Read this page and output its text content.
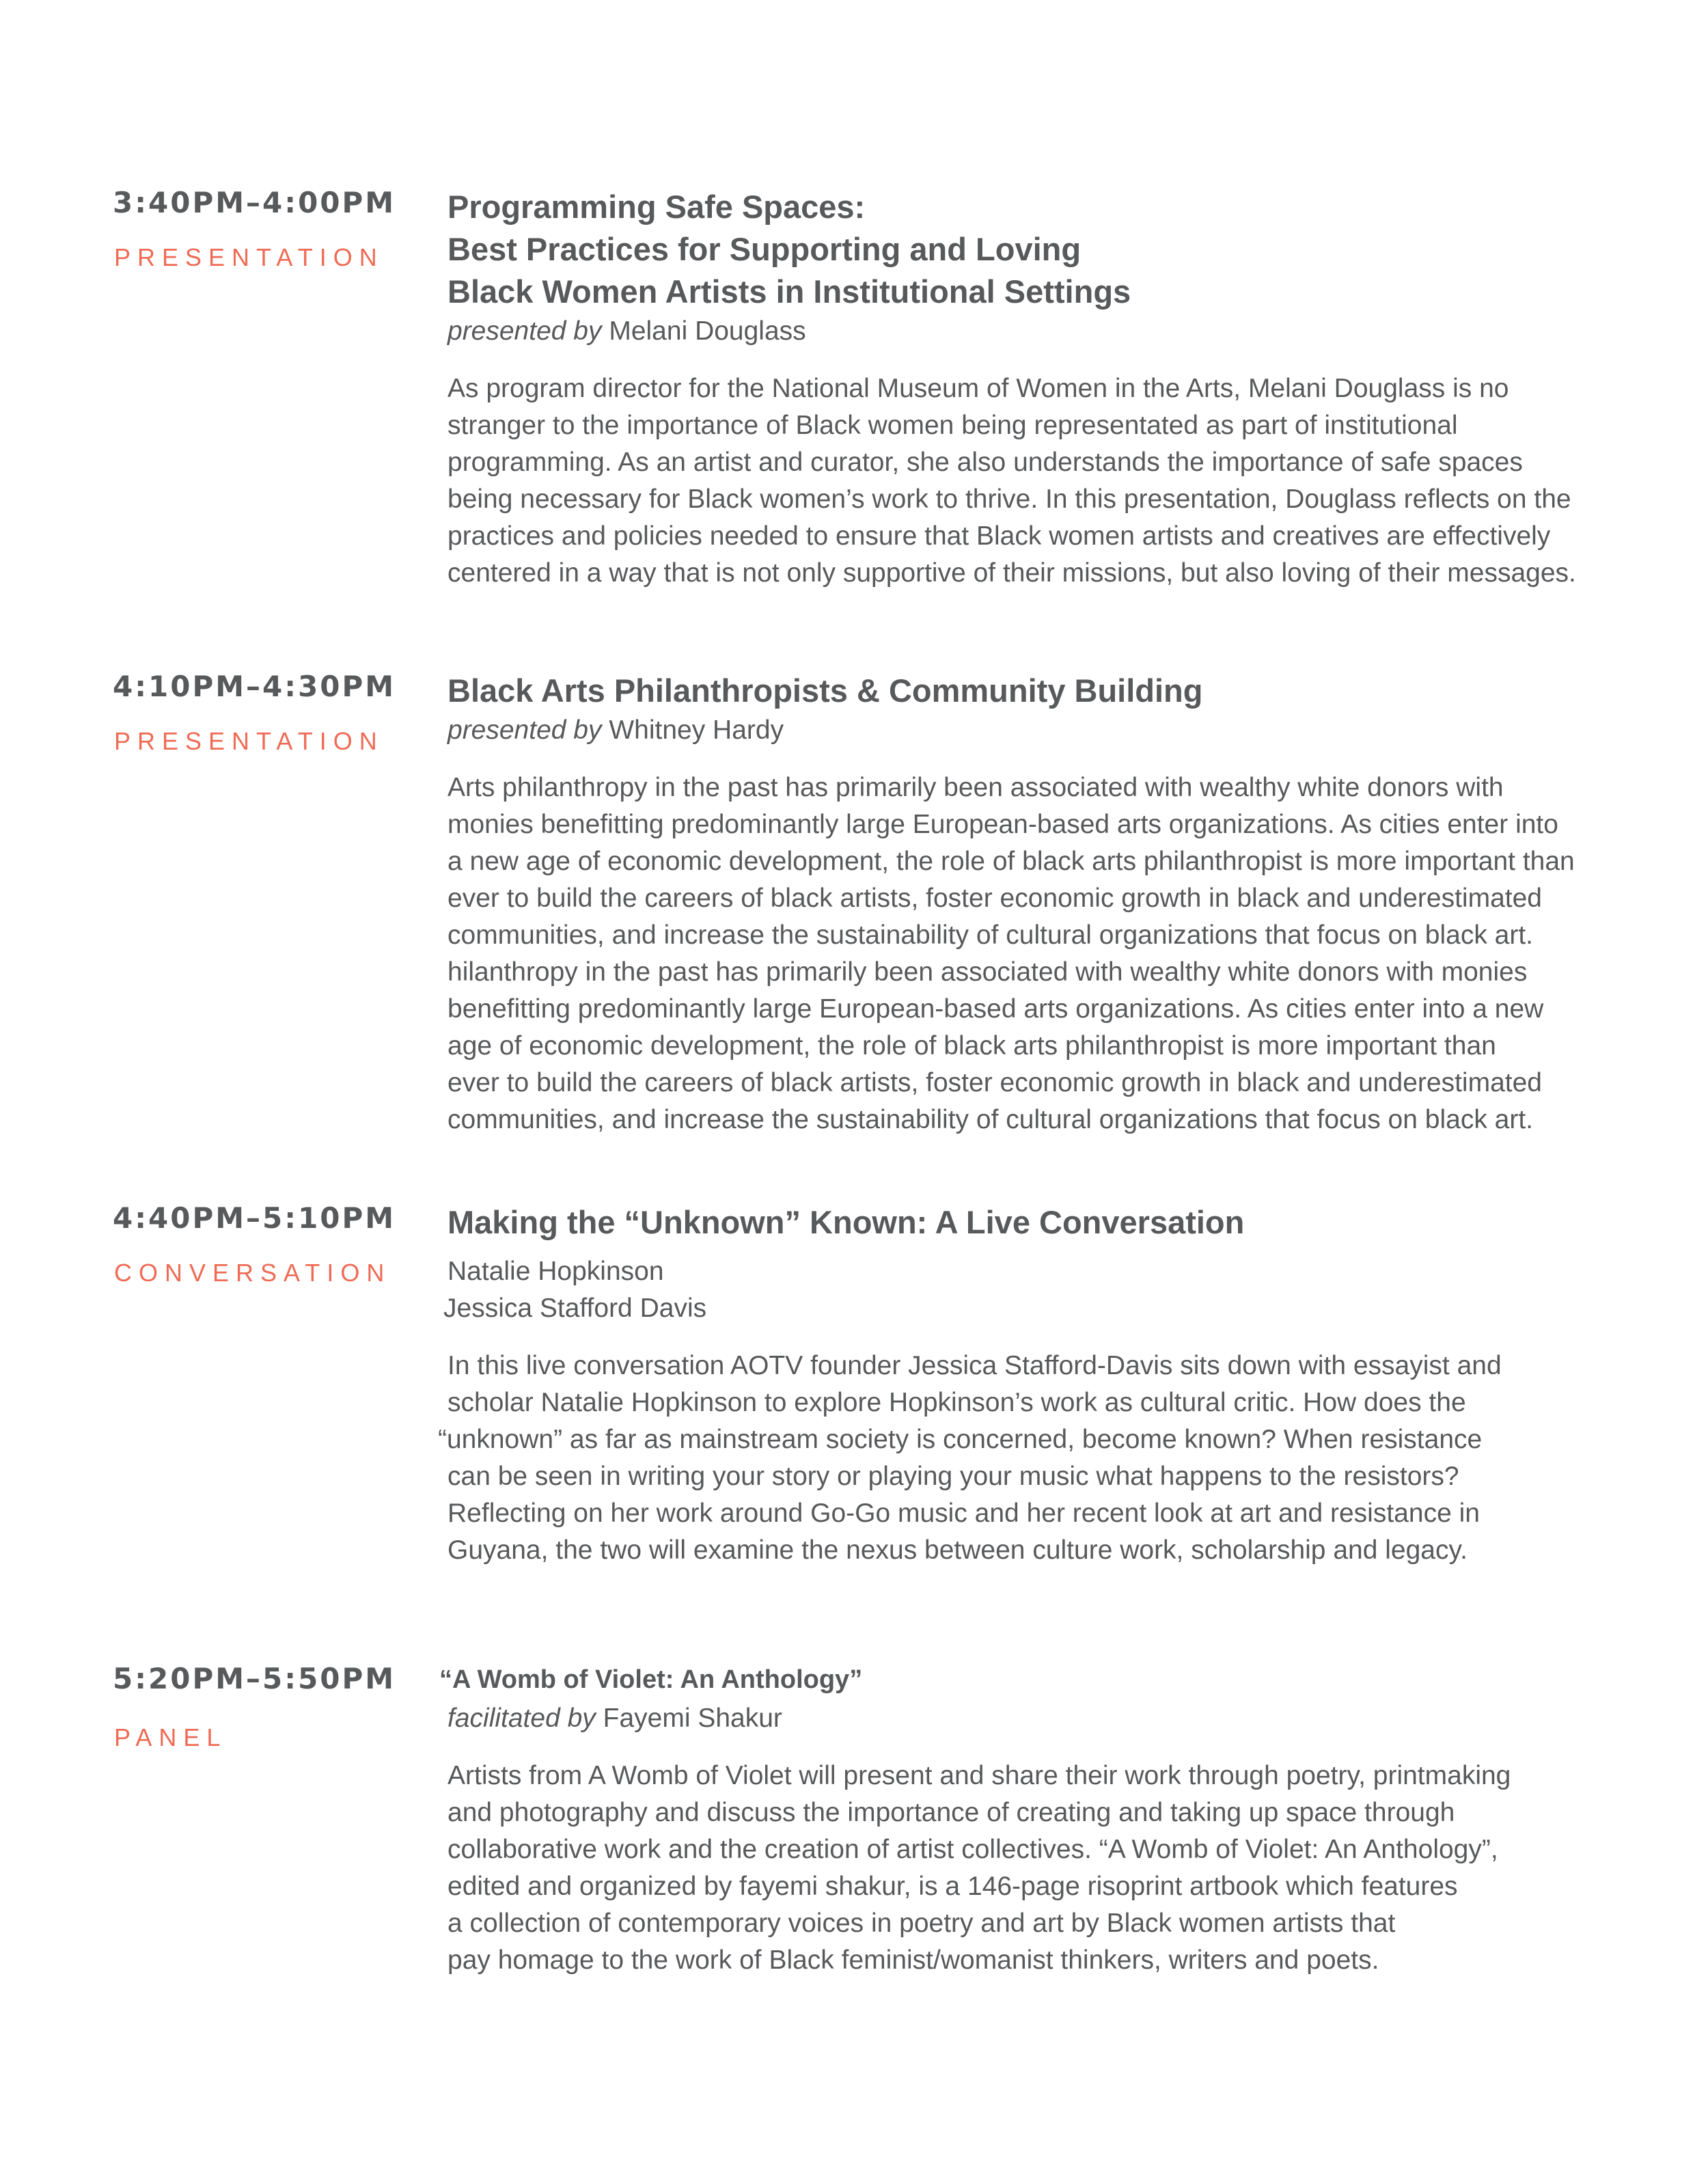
3:40PM–4:00PM
PRESENTATION

Programming Safe Spaces:

Best Practices for Supporting and Loving

Black Women Artists in Institutional Settings

presented by Melani Douglass

As program director for the National Museum of Women in the Arts, Melani Douglass is no
stranger to the importance of Black women being representated as part of institutional
programming. As an artist and curator, she also understands the importance of safe spaces
being necessary for Black women’s work to thrive. In this presentation, Douglass reflects on the
practices and policies needed to ensure that Black women artists and creatives are effectively
centered in a way that is not only supportive of their missions, but also loving of their messages.

4:10PM–4:30PM
PRESENTATION

Black Arts Philanthropists & Community Building

presented by Whitney Hardy

Arts philanthropy in the past has primarily been associated with wealthy white donors with
monies benefitting predominantly large European-based arts organizations. As cities enter into
a new age of economic development, the role of black arts philanthropist is more important than
ever to build the careers of black artists, foster economic growth in black and underestimated
communities, and increase the sustainability of cultural organizations that focus on black art.
hilanthropy in the past has primarily been associated with wealthy white donors with monies
benefitting predominantly large European-based arts organizations. As cities enter into a new
age of economic development, the role of black arts philanthropist is more important than
ever to build the careers of black artists, foster economic growth in black and underestimated
communities, and increase the sustainability of cultural organizations that focus on black art.

4:40PM–5:10PM
CONVERSATION

Making the “Unknown” Known: A Live Conversation

Natalie Hopkinson
Jessica Stafford Davis

In this live conversation AOTV founder Jessica Stafford-Davis sits down with essayist and
scholar Natalie Hopkinson to explore Hopkinson’s work as cultural critic. How does the
“unknown” as far as mainstream society is concerned, become known? When resistance
can be seen in writing your story or playing your music what happens to the resistors?
Reflecting on her work around Go-Go music and her recent look at art and resistance in
Guyana, the two will examine the nexus between culture work, scholarship and legacy.

5:20PM–5:50PM
PANEL

“A Womb of Violet: An Anthology”

facilitated by Fayemi Shakur

Artists from A Womb of Violet will present and share their work through poetry, printmaking
and photography and discuss the importance of creating and taking up space through
collaborative work and the creation of artist collectives. “A Womb of Violet: An Anthology”,
edited and organized by fayemi shakur, is a 146-page risoprint artbook which features
a collection of contemporary voices in poetry and art by Black women artists that
pay homage to the work of Black feminist/womanist thinkers, writers and poets.
